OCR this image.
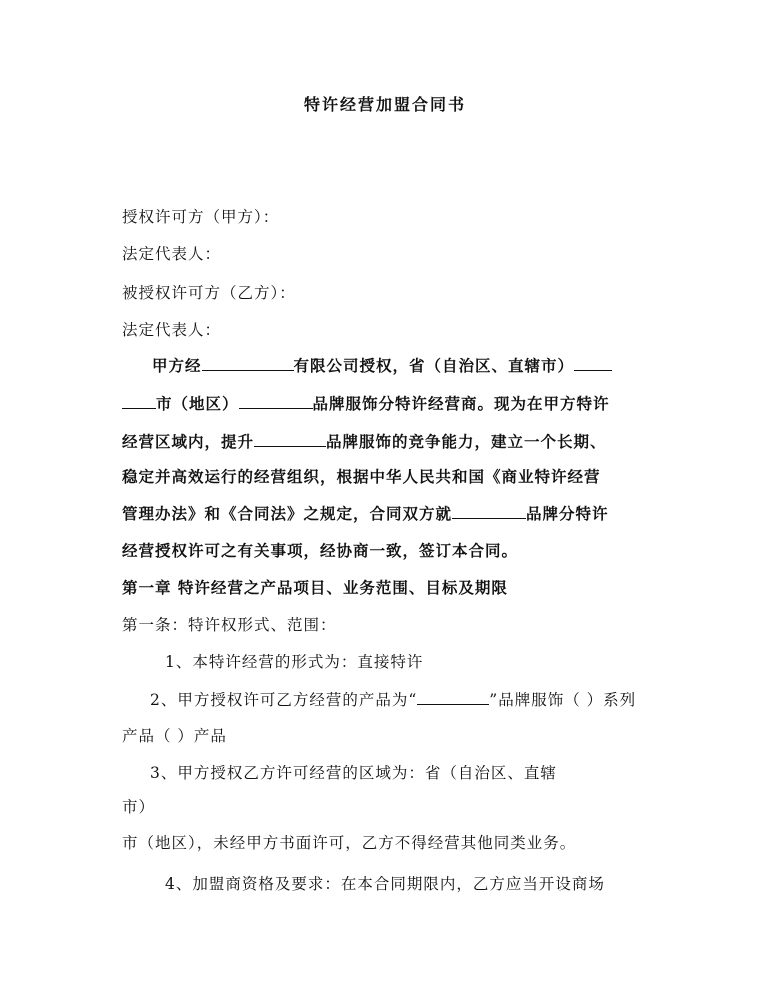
特许经营加盟合同书
授权许可方（甲方）：
法定代表人：
被授权许可方（乙方）：
法定代表人：
甲方经	有限公司授权，省（自治区、直辖市）
市（地区）	品牌服饰分特许经营商。现为在甲方特许
经营区域内，提升	品牌服饰的竞争能力，建立一个长期、
稳定并高效运行的经营组织，根据中华人民共和国《商业特许经营
管理办法》和《合同法》之规定，合同双方就	品牌分特许
经营授权许可之有关事项，经协商一致，签订本合同。
第一章 特许经营之产品项目、业务范围、目标及期限
第一条：特许权形式、范围：
1、本特许经营的形式为：直接特许
2、甲方授权许可乙方经营的产品为“	”品牌服饰（ ）系列
产品（ ）产品
3、甲方授权乙方许可经营的区域为：省（自治区、直辖
市）
市（地区），未经甲方书面许可，乙方不得经营其他同类业务。
4、加盟商资格及要求：在本合同期限内，乙方应当开设商场
